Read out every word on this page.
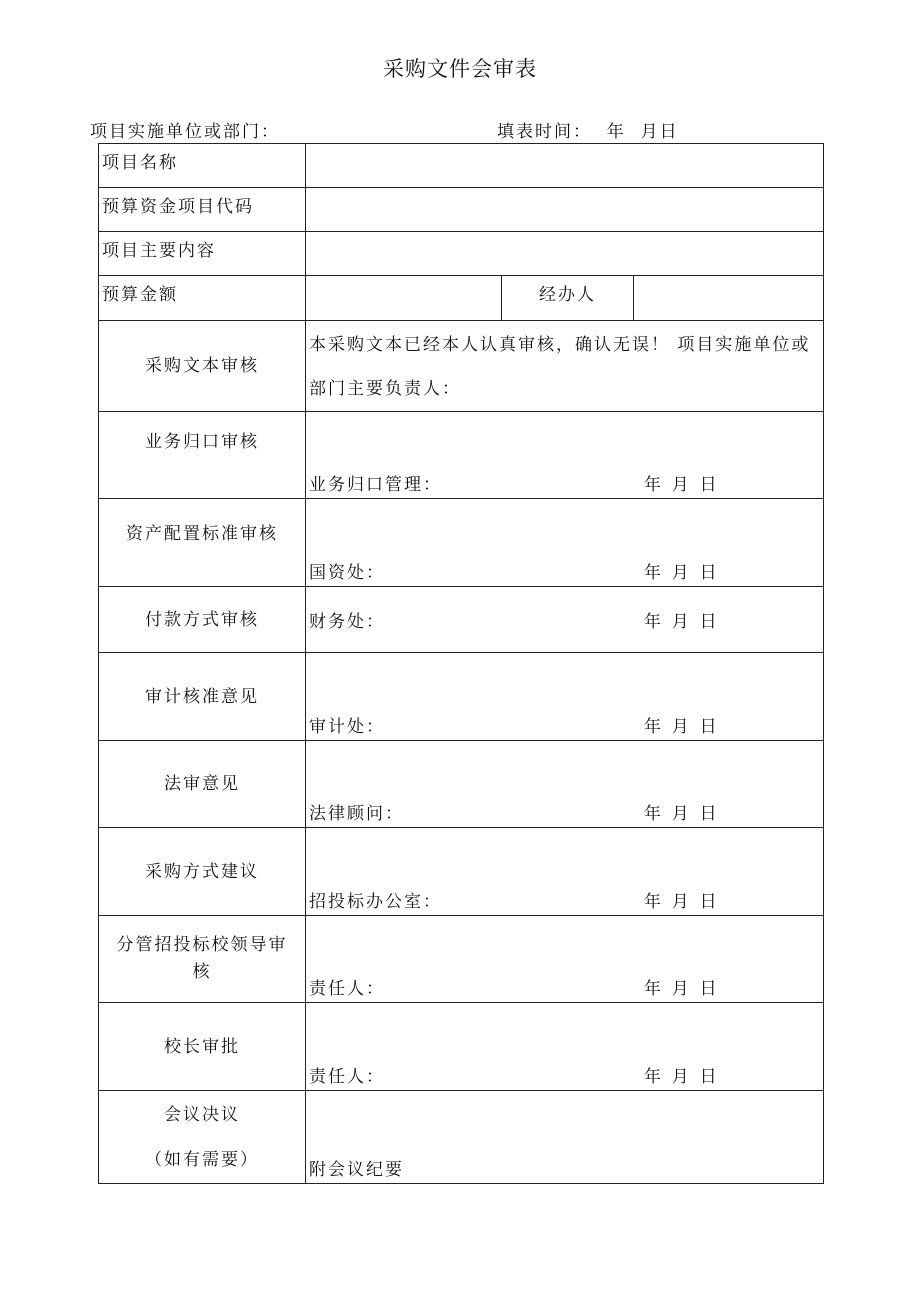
采购文件会审表
项目实施单位或部门：	填表时间：  年  月日
项目名称			

预算资金项目代码			

项目主要内容			

预算金额		经办人	

采购文本审核	本采购文本已经本人认真审核，确认无误！ 项目实施单位或部门主要负责人：		

业务归口审核	业务归口管理： 年  月  日		

资产配置标准审核	国资处： 年  月  日		

付款方式审核	财务处： 年  月  日		

审计核准意见	审计处： 年  月  日		

法审意见	法律顾问： 年  月  日		

采购方式建议	招投标办公室： 年  月  日		

分管招投标校领导审核	责任人： 年  月  日		

校长审批	责任人： 年  月  日		

会议决议
（如有需要）	附会议纪要		
